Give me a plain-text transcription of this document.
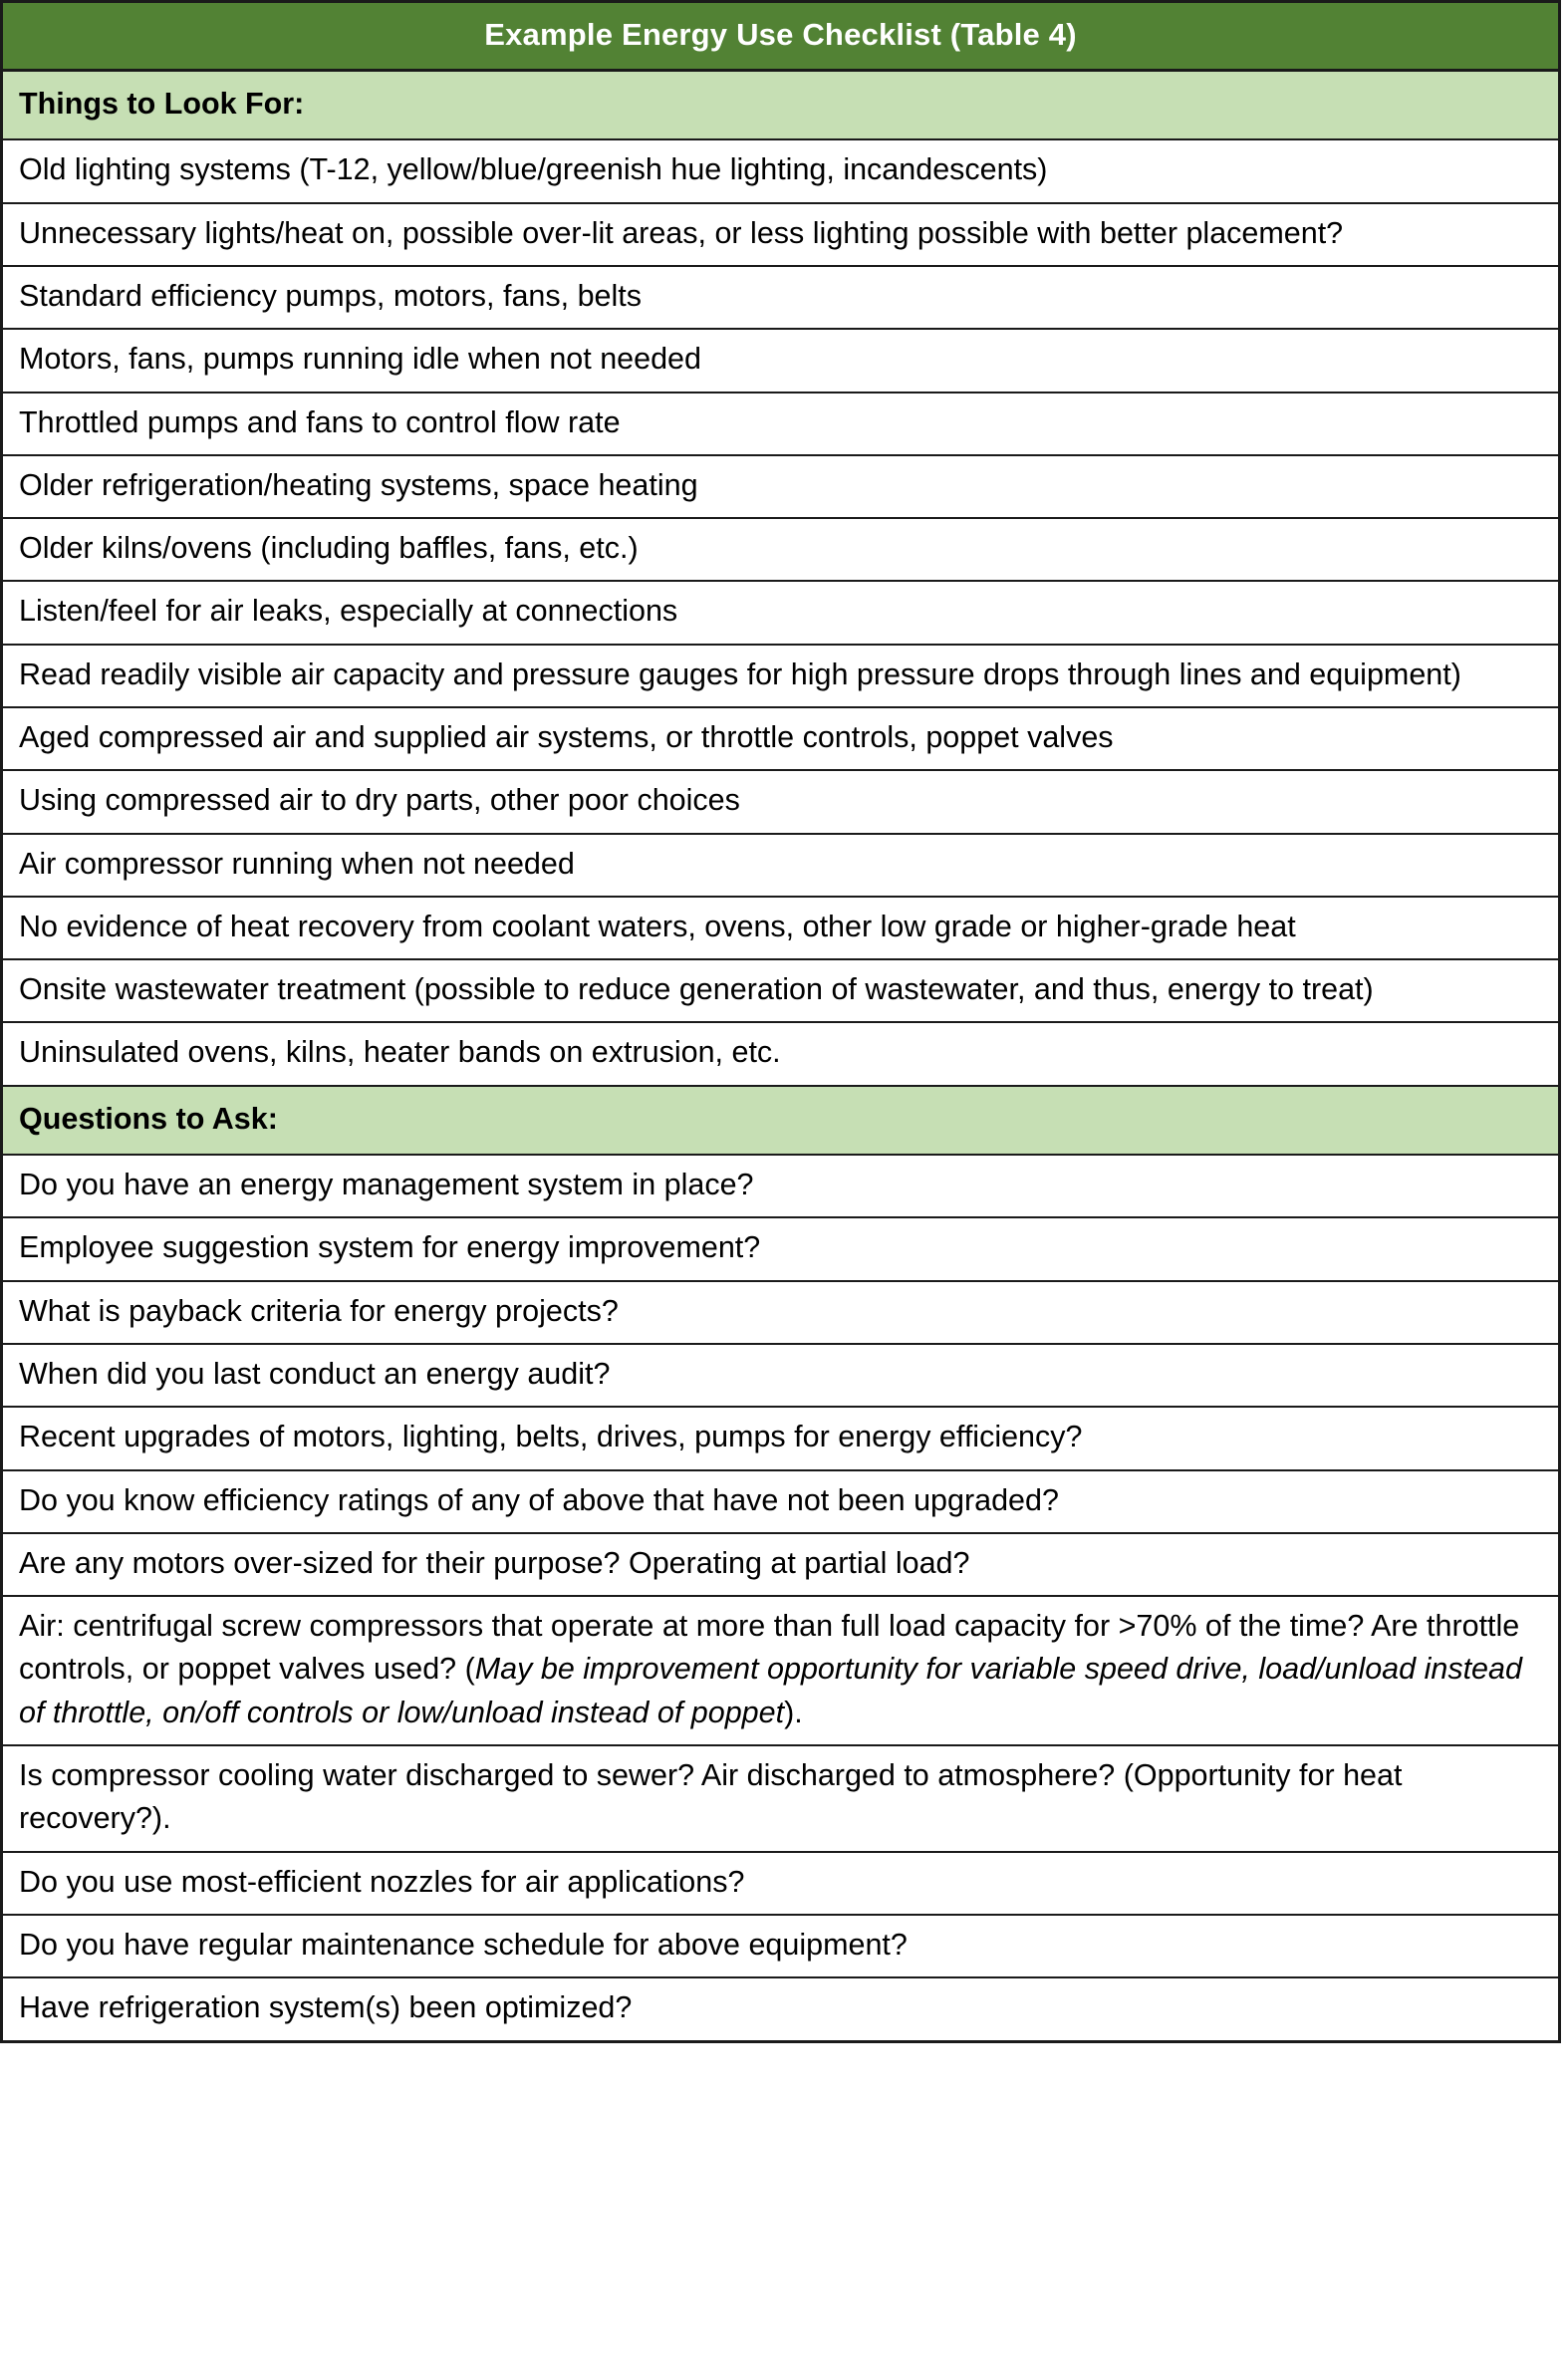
Example Energy Use Checklist (Table 4)
Things to Look For:
Old lighting systems (T-12, yellow/blue/greenish hue lighting, incandescents)
Unnecessary lights/heat on, possible over-lit areas, or less lighting possible with better placement?
Standard efficiency pumps, motors, fans, belts
Motors, fans, pumps running idle when not needed
Throttled pumps and fans to control flow rate
Older refrigeration/heating systems, space heating
Older kilns/ovens (including baffles, fans, etc.)
Listen/feel for air leaks, especially at connections
Read readily visible air capacity and pressure gauges for high pressure drops through lines and equipment)
Aged compressed air and supplied air systems, or throttle controls, poppet valves
Using compressed air to dry parts, other poor choices
Air compressor running when not needed
No evidence of heat recovery from coolant waters, ovens, other low grade or higher-grade heat
Onsite wastewater treatment (possible to reduce generation of wastewater, and thus, energy to treat)
Uninsulated ovens, kilns, heater bands on extrusion, etc.
Questions to Ask:
Do you have an energy management system in place?
Employee suggestion system for energy improvement?
What is payback criteria for energy projects?
When did you last conduct an energy audit?
Recent upgrades of motors, lighting, belts, drives, pumps for energy efficiency?
Do you know efficiency ratings of any of above that have not been upgraded?
Are any motors over-sized for their purpose? Operating at partial load?
Air: centrifugal screw compressors that operate at more than full load capacity for >70% of the time? Are throttle controls, or poppet valves used? (May be improvement opportunity for variable speed drive, load/unload instead of throttle, on/off controls or low/unload instead of poppet).
Is compressor cooling water discharged to sewer? Air discharged to atmosphere? (Opportunity for heat recovery?).
Do you use most-efficient nozzles for air applications?
Do you have regular maintenance schedule for above equipment?
Have refrigeration system(s) been optimized?
